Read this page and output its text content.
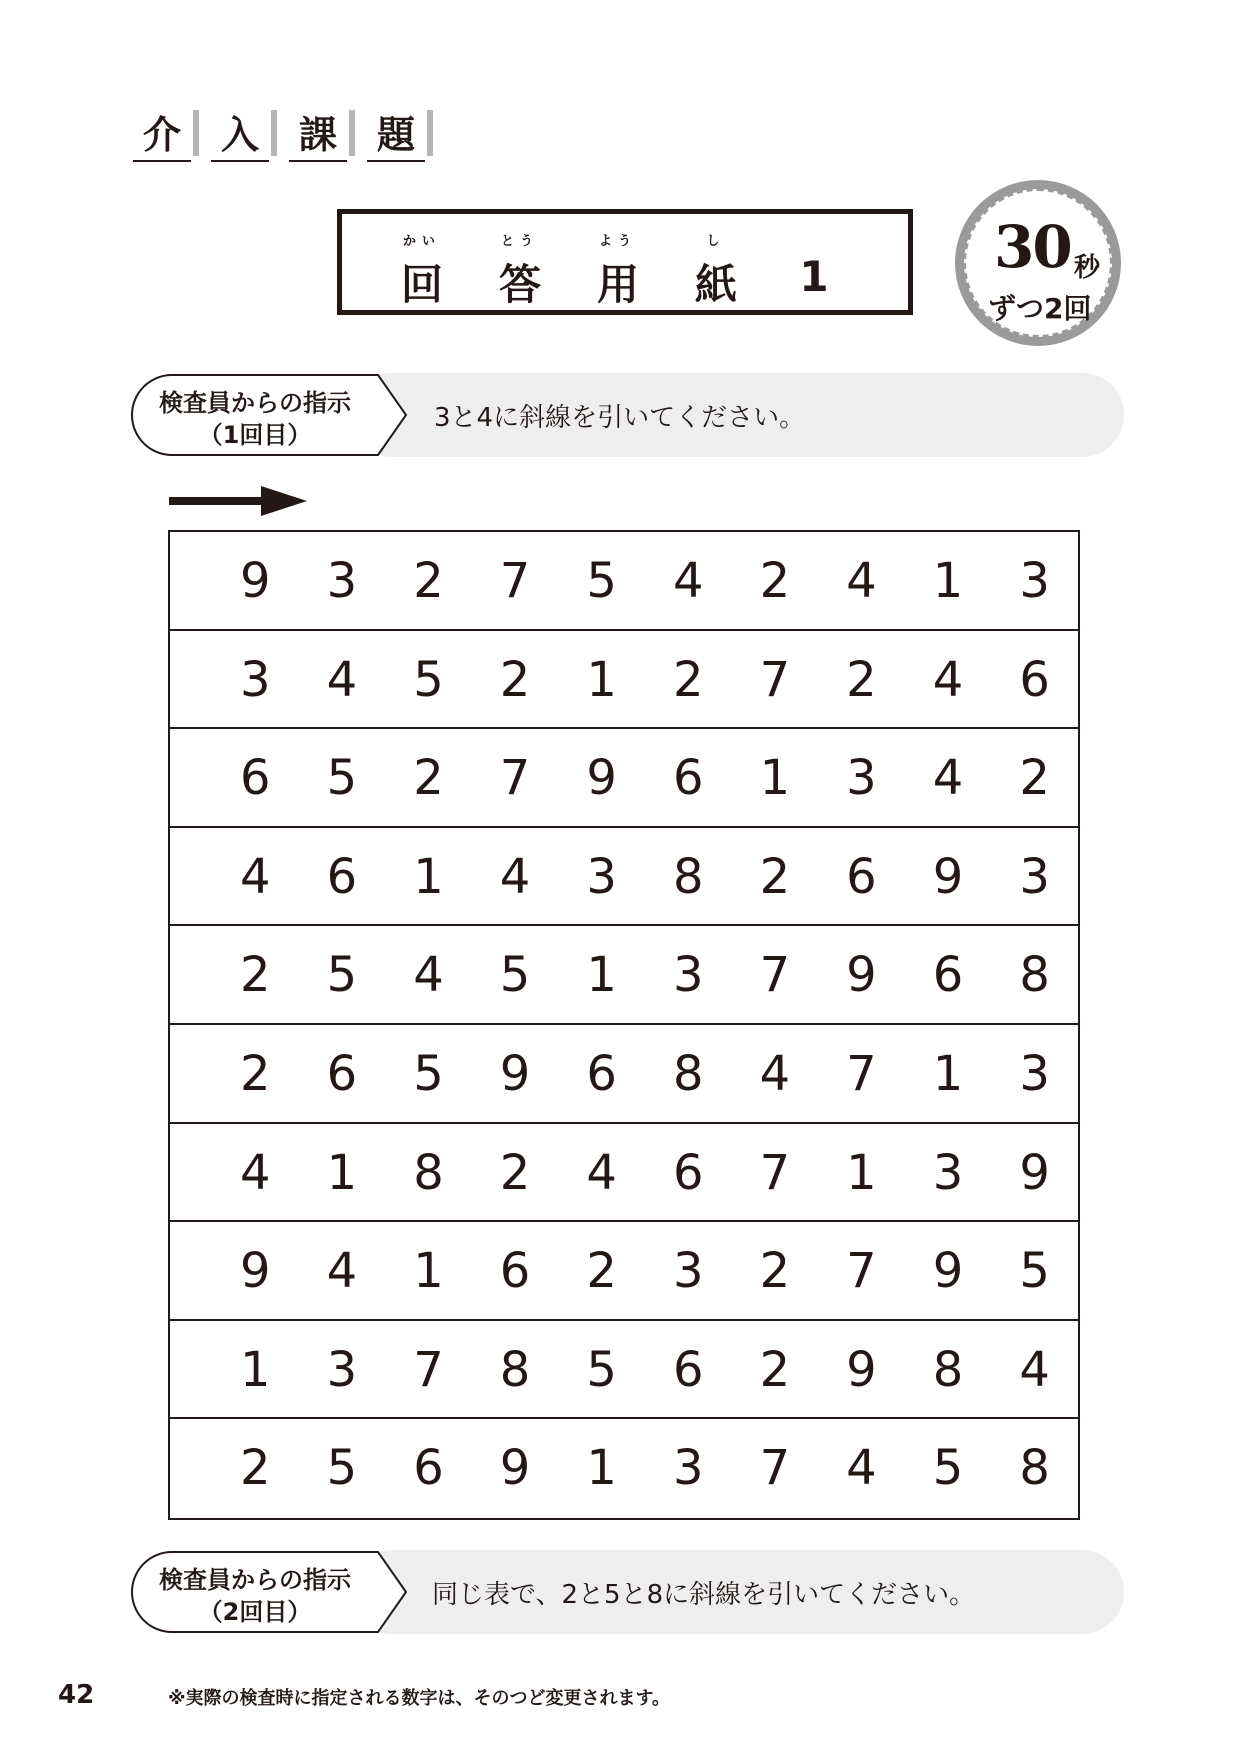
介 入 課 題
かい
回
とう
答
よう
用
し
紙	1	30 秒
ずつ2回
検査員からの指示
（1回目）
3と4に斜線を引いてください。
9	3	2	7	5	4	2	4	1	3
3	4	5	2	1	2	7	2	4	6
6	5	2	7	9	6	1	3	4	2
4	6	1	4	3	8	2	6	9	3
2	5	4	5	1	3	7	9	6	8
2	6	5	9	6	8	4	7	1	3
4	1	8	2	4	6	7	1	3	9
9	4	1	6	2	3	2	7	9	5
1	3	7	8	5	6	2	9	8	4
2	5	6	9	1	3	7	4	5	8
検査員からの指示
（2回目）
同じ表で、2と5と8に斜線を引いてください。
42	※実際の検査時に指定される数字は、そのつど変更されます。
